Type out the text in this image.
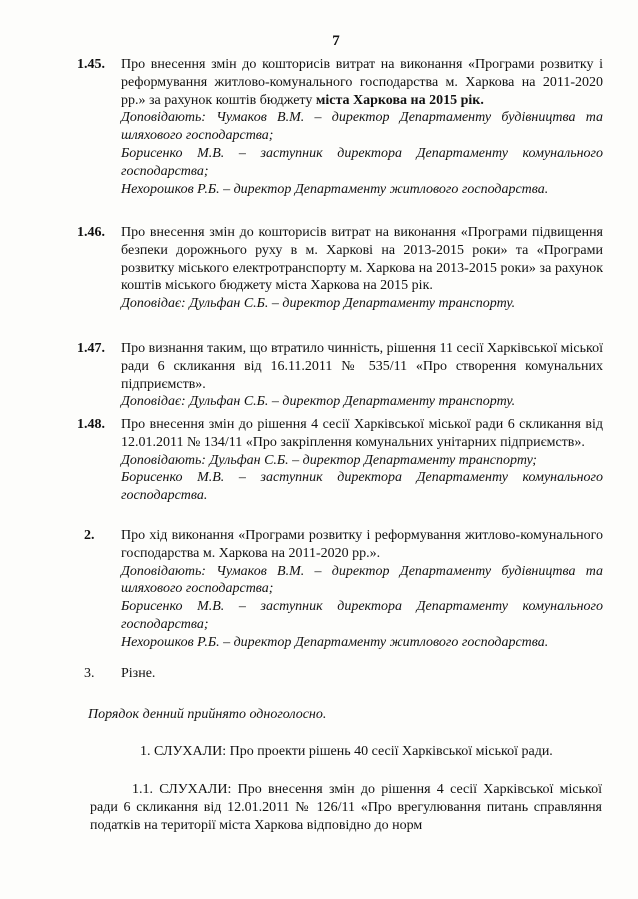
7
1.45.	Про внесення змін до кошторисів витрат на виконання «Програми розвитку і реформування житлово-комунального господарства м. Харкова на 2011-2020 рр.» за рахунок коштів бюджету міста Харкова на 2015 рік.
Доповідають: Чумаков В.М. – директор Департаменту будівництва та шляхового господарства;
Борисенко М.В. – заступник директора Департаменту комунального господарства;
Нехорошков Р.Б. – директор Департаменту житлового господарства.
1.46.	Про внесення змін до кошторисів витрат на виконання «Програми підвищення безпеки дорожнього руху в м. Харкові на 2013-2015 роки» та «Програми розвитку міського електротранспорту м. Харкова на 2013-2015 роки» за рахунок коштів міського бюджету міста Харкова на 2015 рік.
Доповідає: Дульфан С.Б. – директор Департаменту транспорту.
1.47.	Про визнання таким, що втратило чинність, рішення 11 сесії Харківської міської ради 6 скликання від 16.11.2011 № 535/11 «Про створення комунальних підприємств».
Доповідає: Дульфан С.Б. – директор Департаменту транспорту.
1.48.	Про внесення змін до рішення 4 сесії Харківської міської ради 6 скликання від 12.01.2011 № 134/11 «Про закріплення комунальних унітарних підприємств».
Доповідають: Дульфан С.Б. – директор Департаменту транспорту;
Борисенко М.В. – заступник директора Департаменту комунального господарства.
2.	Про хід виконання «Програми розвитку і реформування житлово-комунального господарства м. Харкова на 2011-2020 рр.».
Доповідають: Чумаков В.М. – директор Департаменту будівництва та шляхового господарства;
Борисенко М.В. – заступник директора Департаменту комунального господарства;
Нехорошков Р.Б. – директор Департаменту житлового господарства.
3.	Різне.
Порядок денний прийнято одноголосно.
1. СЛУХАЛИ: Про проекти рішень 40 сесії Харківської міської ради.
1.1. СЛУХАЛИ: Про внесення змін до рішення 4 сесії Харківської міської ради 6 скликання від 12.01.2011 № 126/11 «Про врегулювання питань справляння податків на території міста Харкова відповідно до норм
